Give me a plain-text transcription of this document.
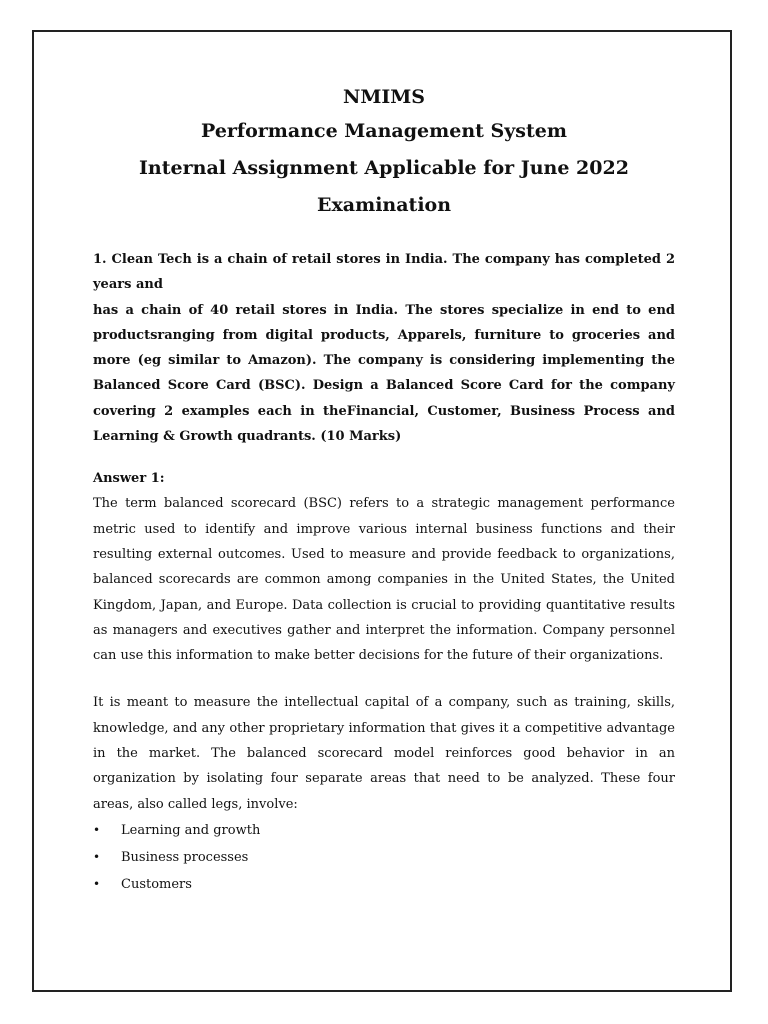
NMIMS
Performance Management System
Internal Assignment Applicable for June 2022
Examination
1. Clean Tech is a chain of retail stores in India. The company has completed 2 years and
has a chain of 40 retail stores in India. The stores specialize in end to end productsranging from digital products, Apparels, furniture to groceries and more (eg similar to Amazon). The company is considering implementing the Balanced Score Card (BSC). Design a Balanced Score Card for the company covering 2 examples each in theFinancial, Customer, Business Process and Learning & Growth quadrants. (10 Marks)
Answer 1:

The term balanced scorecard (BSC) refers to a strategic management performance metric used to identify and improve various internal business functions and their resulting external outcomes. Used to measure and provide feedback to organizations, balanced scorecards are common among companies in the United States, the United Kingdom, Japan, and Europe. Data collection is crucial to providing quantitative results as managers and executives gather and interpret the information. Company personnel can use this information to make better decisions for the future of their organizations.

It is meant to measure the intellectual capital of a company, such as training, skills, knowledge, and any other proprietary information that gives it a competitive advantage in the market. The balanced scorecard model reinforces good behavior in an organization by isolating four separate areas that need to be analyzed. These four areas, also called legs, involve:

• Learning and growth
• Business processes
• Customers
